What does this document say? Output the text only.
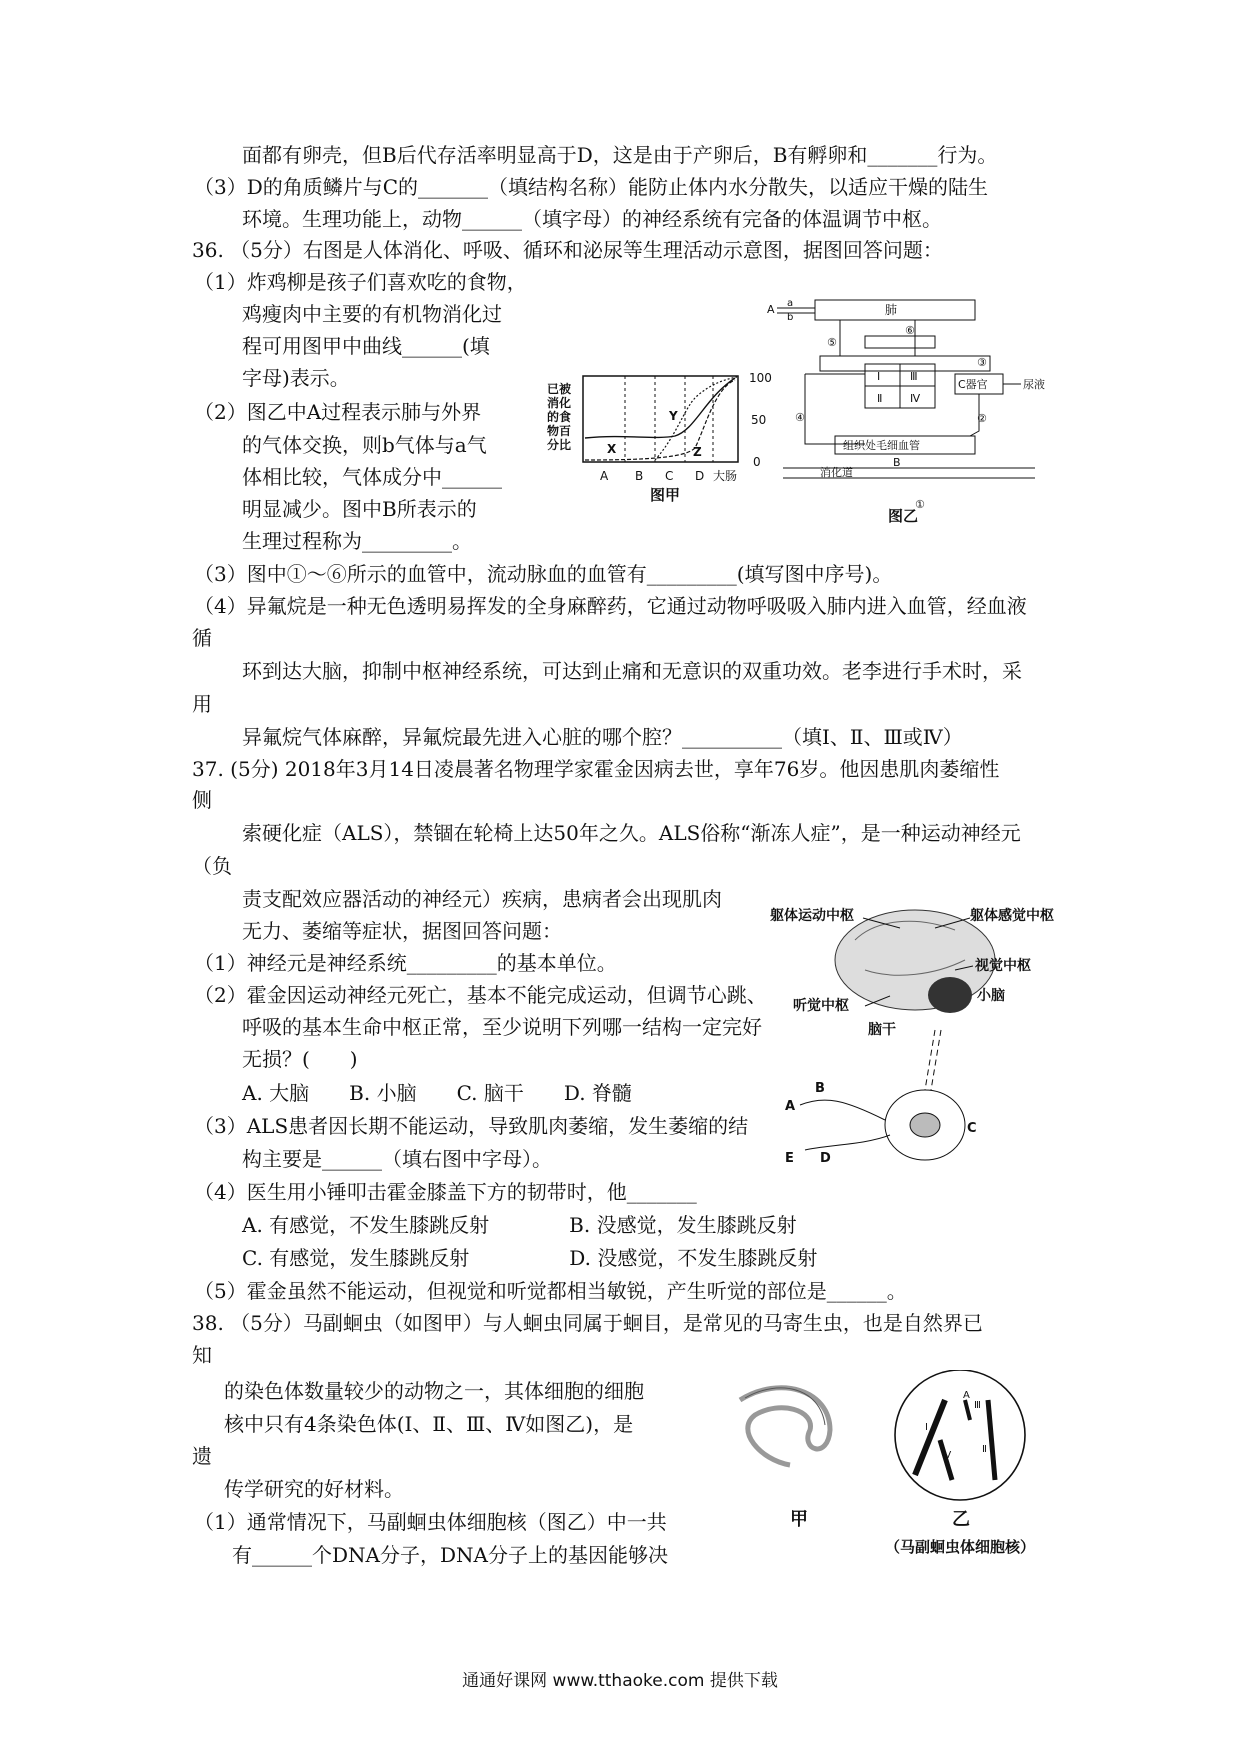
面都有卵壳，但B后代存活率明显高于D，这是由于产卵后，B有孵卵和_______行为。
（3）D的角质鳞片与C的_______（填结构名称）能防止体内水分散失，以适应干燥的陆生
环境。生理功能上，动物______（填字母）的神经系统有完备的体温调节中枢。
36. （5分）右图是人体消化、呼吸、循环和泌尿等生理活动示意图，据图回答问题：
（1）炸鸡柳是孩子们喜欢吃的食物，
鸡瘦肉中主要的有机物消化过
程可用图甲中曲线______(填
字母)表示。
（2）图乙中A过程表示肺与外界
的气体交换，则b气体与a气
体相比较，气体成分中______
明显减少。图中B所表示的
生理过程称为_________。
（3）图中①～⑥所示的血管中，流动脉血的血管有_________(填写图中序号)。
（4）异氟烷是一种无色透明易挥发的全身麻醉药，它通过动物呼吸吸入肺内进入血管，经血液
循
环到达大脑，抑制中枢神经系统，可达到止痛和无意识的双重功效。老李进行手术时，采
用
异氟烷气体麻醉，异氟烷最先进入心脏的哪个腔？__________（填Ⅰ、Ⅱ、Ⅲ或Ⅳ）
37. (5分) 2018年3月14日凌晨著名物理学家霍金因病去世，享年76岁。他因患肌肉萎缩性
侧
索硬化症（ALS），禁锢在轮椅上达50年之久。ALS俗称“渐冻人症”，是一种运动神经元
（负
责支配效应器活动的神经元）疾病，患病者会出现肌肉
无力、萎缩等症状，据图回答问题：
（1）神经元是神经系统_________的基本单位。
（2）霍金因运动神经元死亡，基本不能完成运动，但调节心跳、
呼吸的基本生命中枢正常，至少说明下列哪一结构一定完好
无损？(　　)
A. 大脑　　B. 小脑　　C. 脑干　　D. 脊髓
（3）ALS患者因长期不能运动，导致肌肉萎缩，发生萎缩的结
构主要是______（填右图中字母）。
（4）医生用小锤叩击霍金膝盖下方的韧带时，他_______
A. 有感觉，不发生膝跳反射　　　　B. 没感觉，发生膝跳反射
C. 有感觉，发生膝跳反射　　　　　D. 没感觉，不发生膝跳反射
（5）霍金虽然不能运动，但视觉和听觉都相当敏锐，产生听觉的部位是______。
38. （5分）马副蛔虫（如图甲）与人蛔虫同属于蛔目，是常见的马寄生虫，也是自然界已
知
的染色体数量较少的动物之一，其体细胞的细胞
核中只有4条染色体(Ⅰ、Ⅱ、Ⅲ、Ⅳ如图乙)，是
遗
传学研究的好材料。
（1）通常情况下，马副蛔虫体细胞核（图乙）中一共
有______个DNA分子，DNA分子上的基因能够决
已被
消化
的食
物百
分比	X
Y
Z
100
50
0
A B C D 大肠
图甲
肺
A a
b
⑤
⑥
Ⅰ	Ⅲ
Ⅱ	Ⅳ
C器官	尿液
③
②
④
组织处毛细血管
B
消化道
①
图乙
躯体运动中枢	躯体感觉中枢
视觉中枢
小脑
听觉中枢
脑干
A
B
C
D
E
A
Ⅰ
Ⅲ
Ⅳ
Ⅱ
甲	乙
（马副蛔虫体细胞核）
通通好课网 www.tthaoke.com 提供下载
